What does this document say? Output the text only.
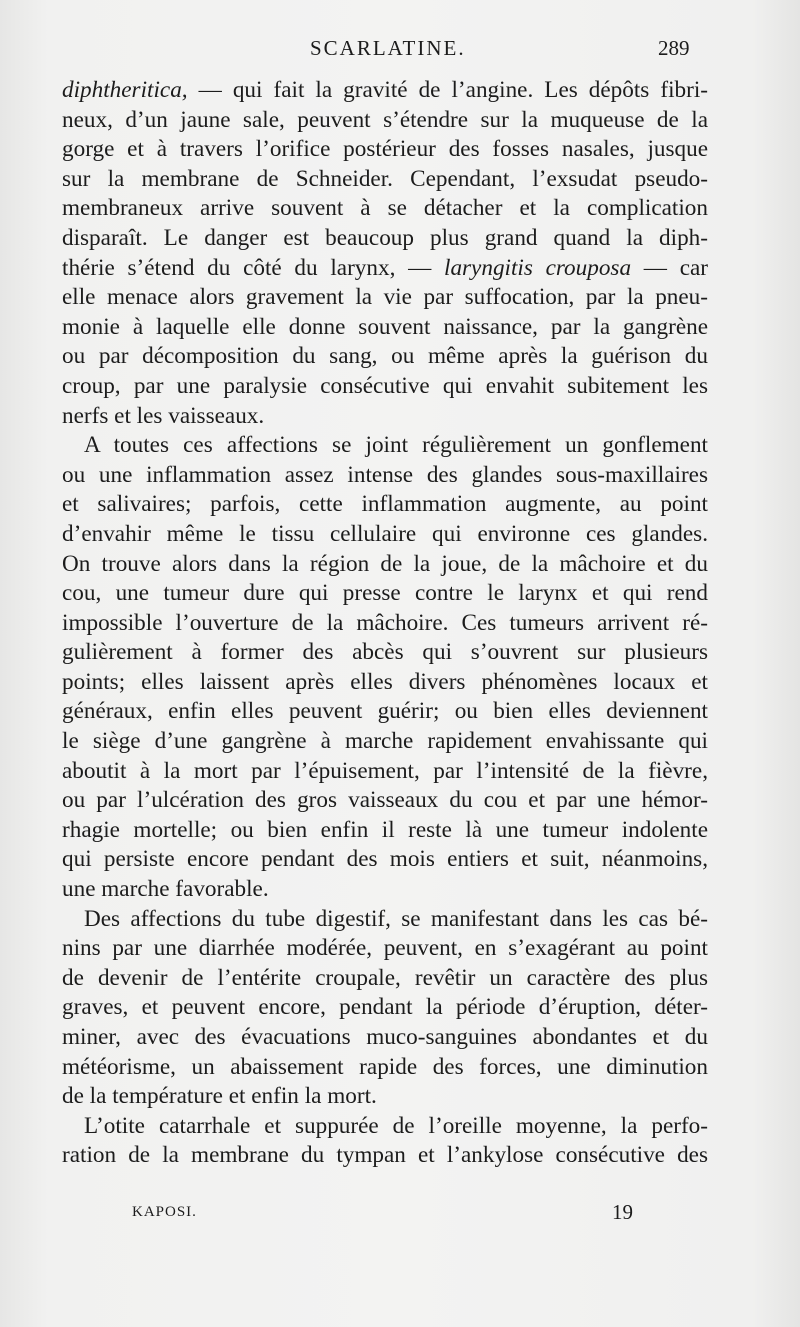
SCARLATINE.	289
diphtheritica, — qui fait la gravité de l’angine. Les dépôts fibri-
neux, d’un jaune sale, peuvent s’étendre sur la muqueuse de la
gorge et à travers l’orifice postérieur des fosses nasales, jusque
sur la membrane de Schneider. Cependant, l’exsudat pseudo-
membraneux arrive souvent à se détacher et la complication
disparaît. Le danger est beaucoup plus grand quand la diph-
thérie s’étend du côté du larynx, — laryngitis crouposa — car
elle menace alors gravement la vie par suffocation, par la pneu-
monie à laquelle elle donne souvent naissance, par la gangrène
ou par décomposition du sang, ou même après la guérison du
croup, par une paralysie consécutive qui envahit subitement les
nerfs et les vaisseaux.
A toutes ces affections se joint régulièrement un gonflement
ou une inflammation assez intense des glandes sous-maxillaires
et salivaires; parfois, cette inflammation augmente, au point
d’envahir même le tissu cellulaire qui environne ces glandes.
On trouve alors dans la région de la joue, de la mâchoire et du
cou, une tumeur dure qui presse contre le larynx et qui rend
impossible l’ouverture de la mâchoire. Ces tumeurs arrivent ré-
gulièrement à former des abcès qui s’ouvrent sur plusieurs
points; elles laissent après elles divers phénomènes locaux et
généraux, enfin elles peuvent guérir; ou bien elles deviennent
le siège d’une gangrène à marche rapidement envahissante qui
aboutit à la mort par l’épuisement, par l’intensité de la fièvre,
ou par l’ulcération des gros vaisseaux du cou et par une hémor-
rhagie mortelle; ou bien enfin il reste là une tumeur indolente
qui persiste encore pendant des mois entiers et suit, néanmoins,
une marche favorable.
Des affections du tube digestif, se manifestant dans les cas bé-
nins par une diarrhée modérée, peuvent, en s’exagérant au point
de devenir de l’entérite croupale, revêtir un caractère des plus
graves, et peuvent encore, pendant la période d’éruption, déter-
miner, avec des évacuations muco-sanguines abondantes et du
météorisme, un abaissement rapide des forces, une diminution
de la température et enfin la mort.
L’otite catarrhale et suppurée de l’oreille moyenne, la perfo-
ration de la membrane du tympan et l’ankylose consécutive des
KAPOSI.	19
